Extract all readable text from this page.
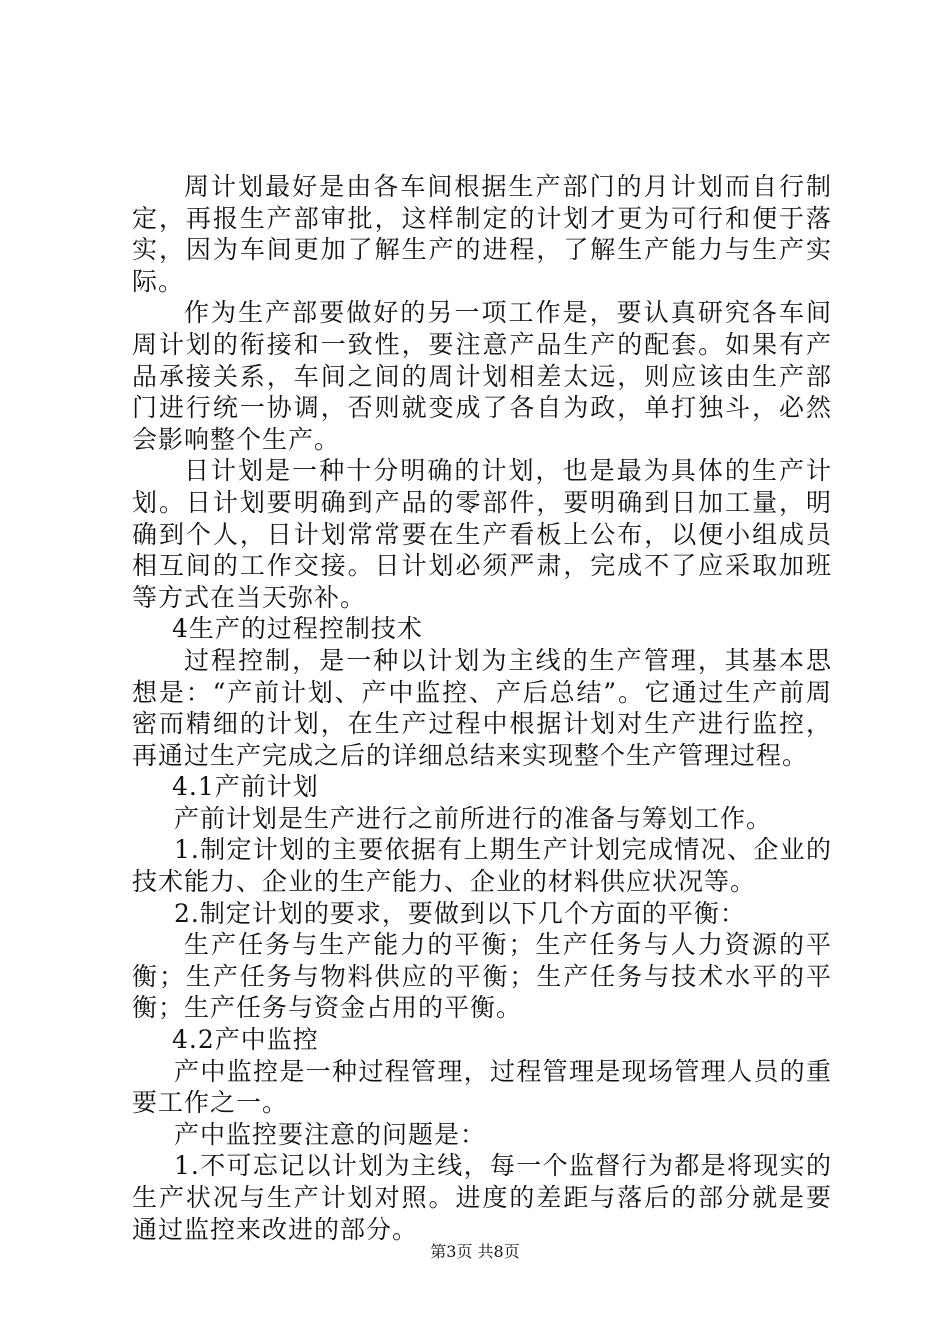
周计划最好是由各车间根据生产部门的月计划而自行制定，再报生产部审批，这样制定的计划才更为可行和便于落实，因为车间更加了解生产的进程，了解生产能力与生产实际。

作为生产部要做好的另一项工作是，要认真研究各车间周计划的衔接和一致性，要注意产品生产的配套。如果有产品承接关系，车间之间的周计划相差太远，则应该由生产部门进行统一协调，否则就变成了各自为政，单打独斗，必然会影响整个生产。

日计划是一种十分明确的计划，也是最为具体的生产计划。日计划要明确到产品的零部件，要明确到日加工量，明确到个人，日计划常常要在生产看板上公布，以便小组成员相互间的工作交接。日计划必须严肃，完成不了应采取加班等方式在当天弥补。

4生产的过程控制技术

过程控制，是一种以计划为主线的生产管理，其基本思想是：“产前计划、产中监控、产后总结”。它通过生产前周密而精细的计划，在生产过程中根据计划对生产进行监控，再通过生产完成之后的详细总结来实现整个生产管理过程。

4.1产前计划

产前计划是生产进行之前所进行的准备与筹划工作。

1.制定计划的主要依据有上期生产计划完成情况、企业的技术能力、企业的生产能力、企业的材料供应状况等。

2.制定计划的要求，要做到以下几个方面的平衡：

生产任务与生产能力的平衡；生产任务与人力资源的平衡；生产任务与物料供应的平衡；生产任务与技术水平的平衡；生产任务与资金占用的平衡。

4.2产中监控

产中监控是一种过程管理，过程管理是现场管理人员的重要工作之一。

产中监控要注意的问题是：

1.不可忘记以计划为主线，每一个监督行为都是将现实的生产状况与生产计划对照。进度的差距与落后的部分就是要通过监控来改进的部分。

第3页 共8页
